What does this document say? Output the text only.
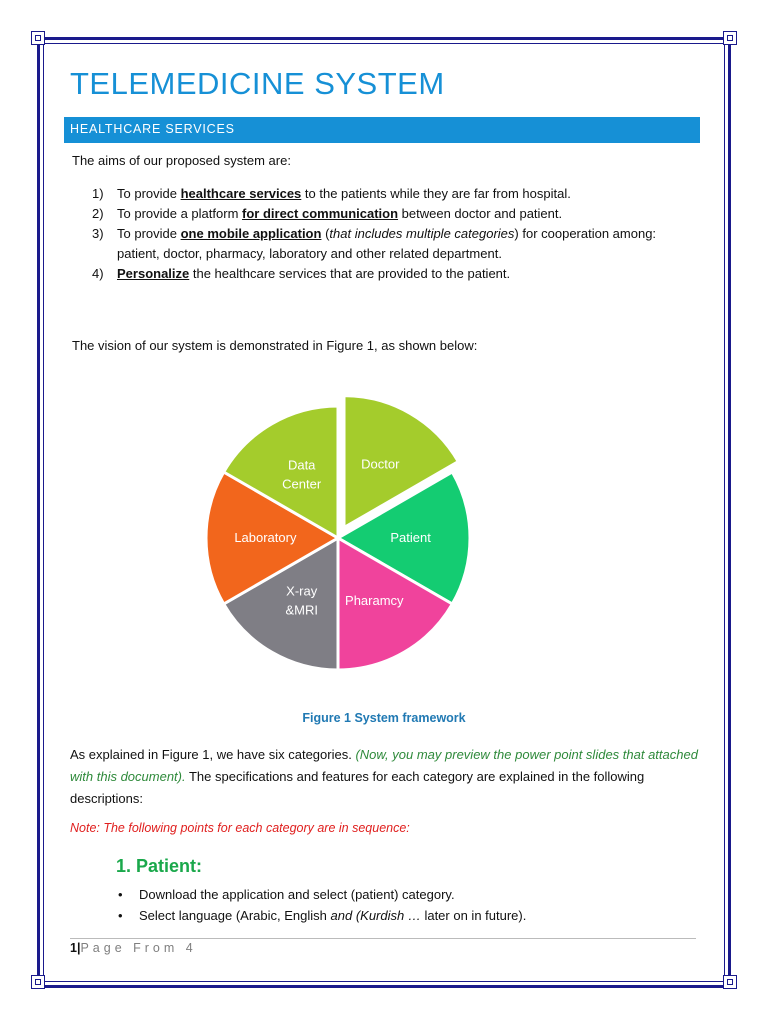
TELEMEDICINE SYSTEM
HEALTHCARE SERVICES

The aims of our proposed system are:

1) To provide healthcare services to the patients while they are far from hospital.
2) To provide a platform for direct communication between doctor and patient.
3) To provide one mobile application (that includes multiple categories) for cooperation among: patient, doctor, pharmacy, laboratory and other related department.
4) Personalize the healthcare services that are provided to the patient.

The vision of our system is demonstrated in Figure 1, as shown below:

Doctor
Patient
Pharamcy
X-ray &MRI
Laboratory
Data Center
Figure 1 System framework

As explained in Figure 1, we have six categories. (Now, you may preview the power point slides that attached with this document). The specifications and features for each category are explained in the following descriptions:

Note: The following points for each category are in sequence:
1. Patient:
• Download the application and select (patient) category.
• Select language (Arabic, English and (Kurdish … later on in future).
1|Page From 4
